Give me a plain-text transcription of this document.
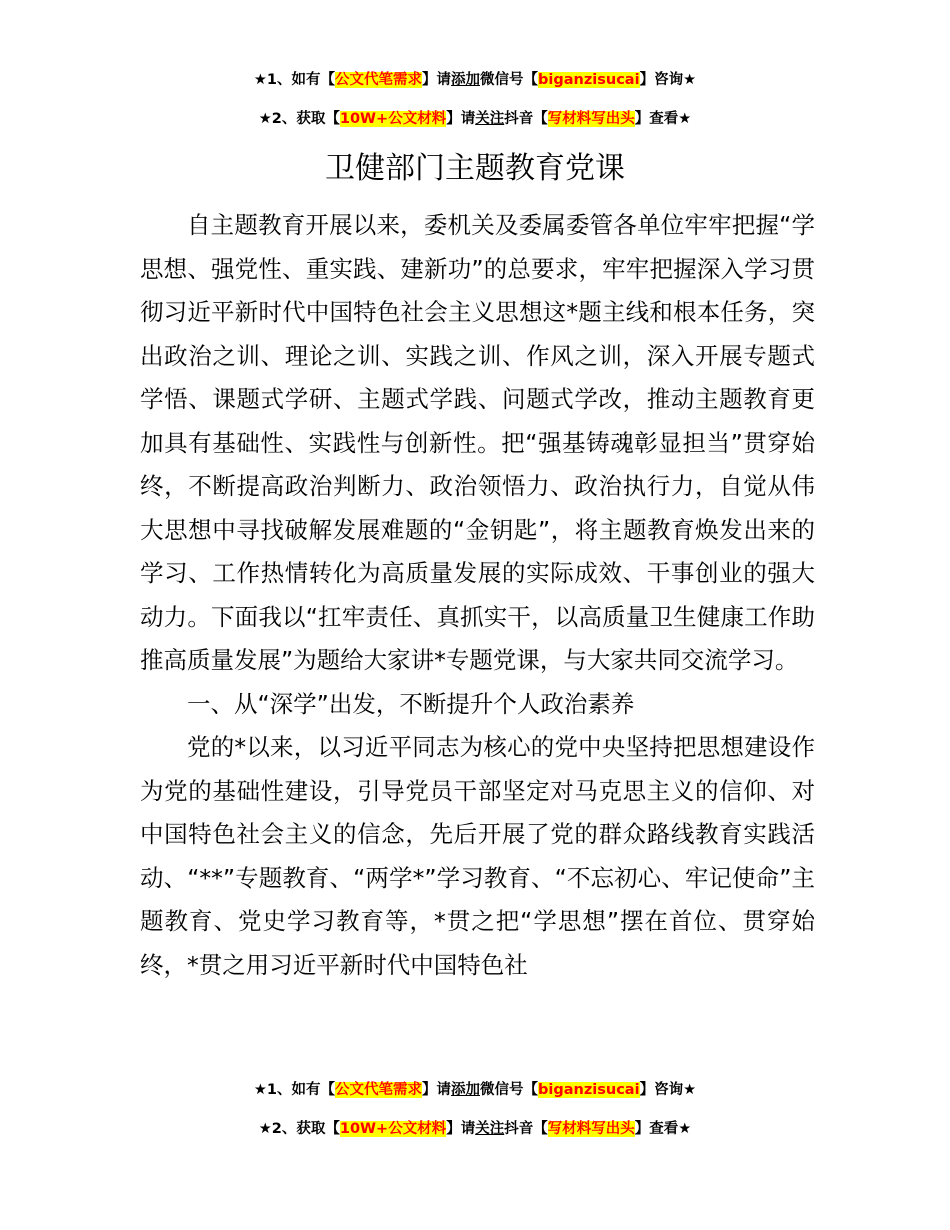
★1、如有【公文代笔需求】请添加微信号【biganzisucai】咨询★
★2、获取【10W+公文材料】请关注抖音【写材料写出头】查看★
卫健部门主题教育党课

自主题教育开展以来，委机关及委属委管各单位牢牢把握“学思想、强党性、重实践、建新功”的总要求，牢牢把握深入学习贯彻习近平新时代中国特色社会主义思想这*题主线和根本任务，突出政治之训、理论之训、实践之训、作风之训，深入开展专题式学悟、课题式学研、主题式学践、问题式学改，推动主题教育更加具有基础性、实践性与创新性。把“强基铸魂彰显担当”贯穿始终，不断提高政治判断力、政治领悟力、政治执行力，自觉从伟大思想中寻找破解发展难题的“金钥匙”，将主题教育焕发出来的学习、工作热情转化为高质量发展的实际成效、干事创业的强大动力。下面我以“扛牢责任、真抓实干，以高质量卫生健康工作助推高质量发展”为题给大家讲*专题党课，与大家共同交流学习。

一、从“深学”出发，不断提升个人政治素养

党的*以来，以习近平同志为核心的党中央坚持把思想建设作为党的基础性建设，引导党员干部坚定对马克思主义的信仰、对中国特色社会主义的信念，先后开展了党的群众路线教育实践活动、“**”专题教育、“两学*”学习教育、“不忘初心、牢记使命”主题教育、党史学习教育等，*贯之把“学思想”摆在首位、贯穿始终，*贯之用习近平新时代中国特色社

★1、如有【公文代笔需求】请添加微信号【biganzisucai】咨询★
★2、获取【10W+公文材料】请关注抖音【写材料写出头】查看★
